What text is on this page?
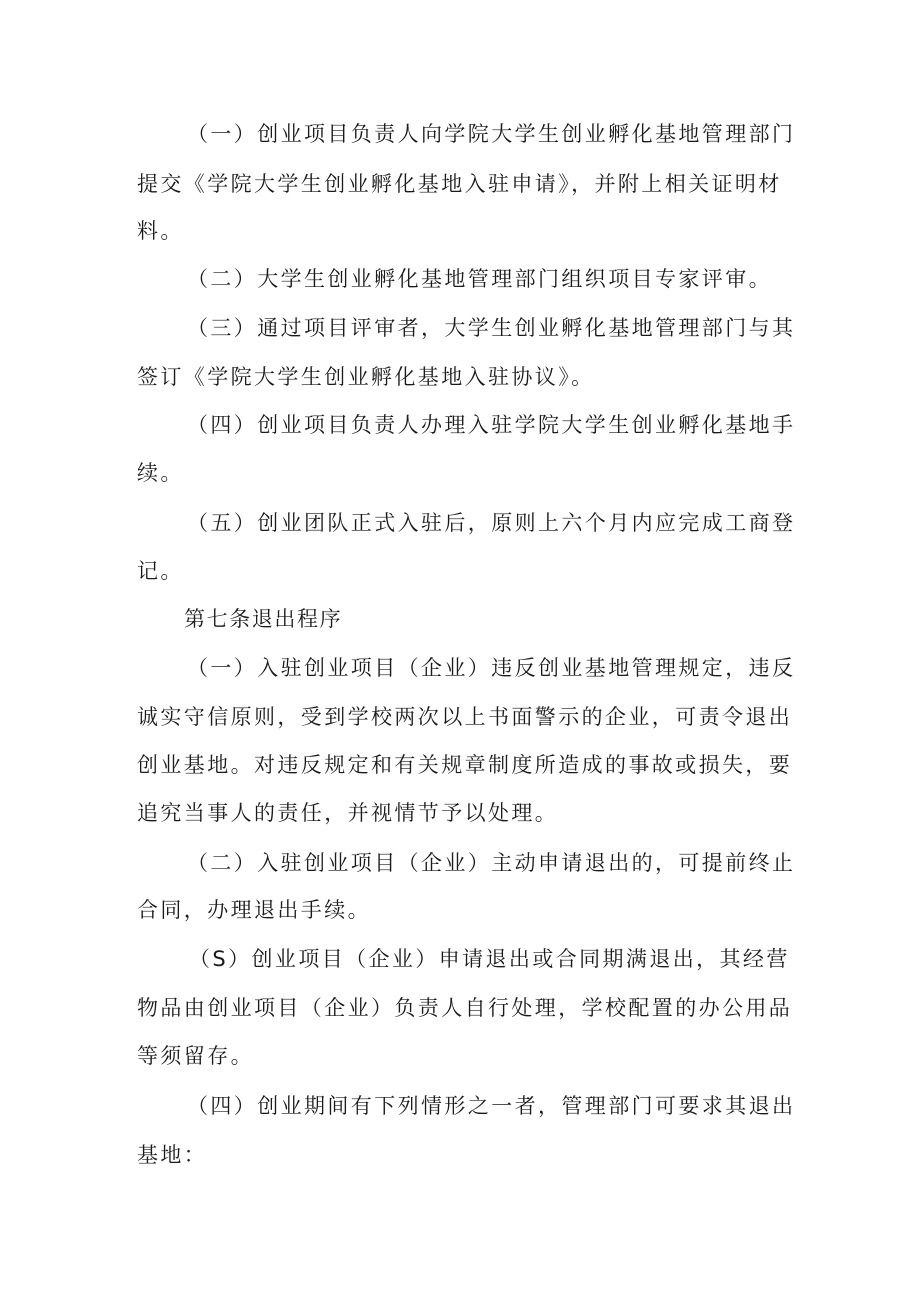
（一）创业项目负责人向学院大学生创业孵化基地管理部门
提交《学院大学生创业孵化基地入驻申请》，并附上相关证明材
料。
（二）大学生创业孵化基地管理部门组织项目专家评审。
（三）通过项目评审者，大学生创业孵化基地管理部门与其
签订《学院大学生创业孵化基地入驻协议》。
（四）创业项目负责人办理入驻学院大学生创业孵化基地手
续。
（五）创业团队正式入驻后，原则上六个月内应完成工商登
记。
第七条退出程序
（一）入驻创业项目（企业）违反创业基地管理规定，违反
诚实守信原则，受到学校两次以上书面警示的企业，可责令退出
创业基地。对违反规定和有关规章制度所造成的事故或损失，要
追究当事人的责任，并视情节予以处理。
（二）入驻创业项目（企业）主动申请退出的，可提前终止
合同，办理退出手续。
（S）创业项目（企业）申请退出或合同期满退出，其经营
物品由创业项目（企业）负责人自行处理，学校配置的办公用品
等须留存。
（四）创业期间有下列情形之一者，管理部门可要求其退出
基地：
